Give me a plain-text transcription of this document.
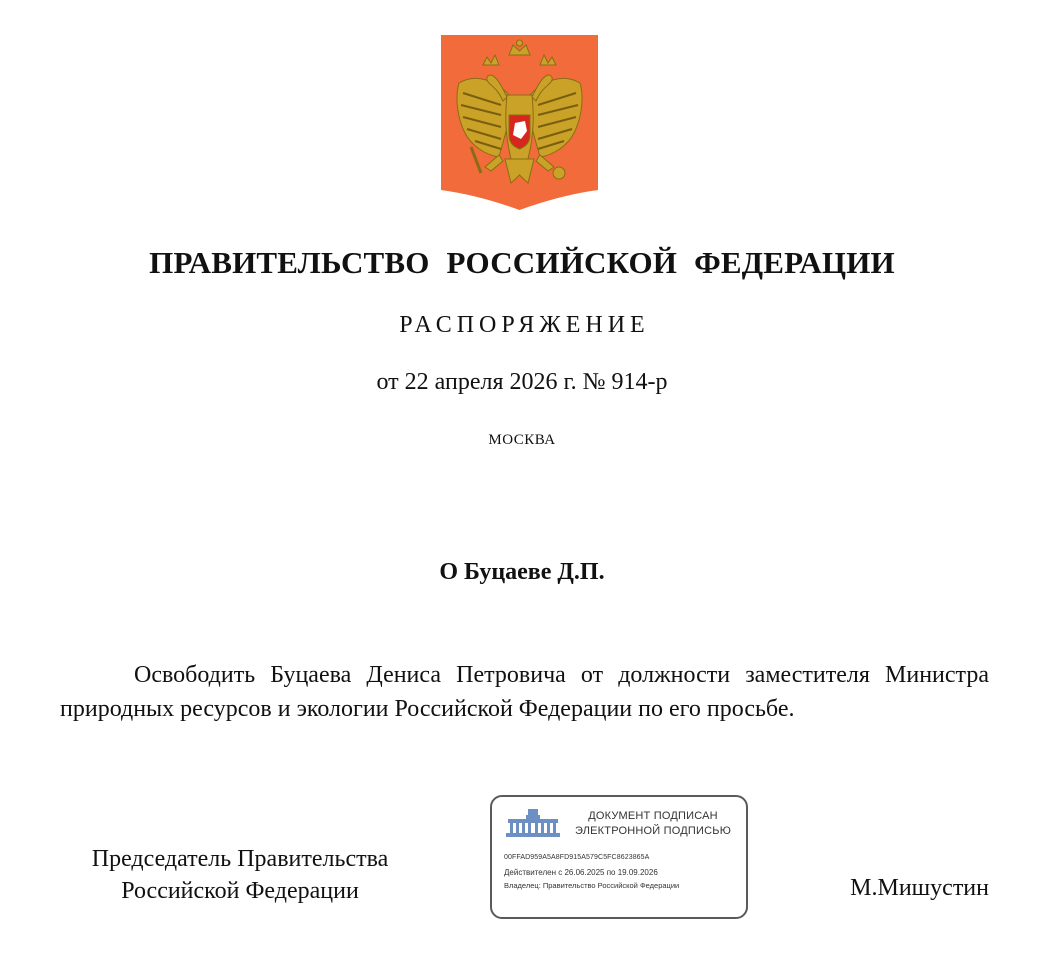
ПРАВИТЕЛЬСТВО РОССИЙСКОЙ ФЕДЕРАЦИИ
РАСПОРЯЖЕНИЕ
от 22 апреля 2026 г. № 914-р
МОСКВА
О Буцаеве Д.П.
Освободить Буцаева Дениса Петровича от должности заместителя Министра природных ресурсов и экологии Российской Федерации по его просьбе.
Председатель Правительства
Российской Федерации
ДОКУМЕНТ ПОДПИСАН
ЭЛЕКТРОННОЙ ПОДПИСЬЮ
00FFAD959A5A8FD915A579C5FC8623865A
Действителен с 26.06.2025 по 19.09.2026
Владелец: Правительство Российской Федерации	М.Мишустин
